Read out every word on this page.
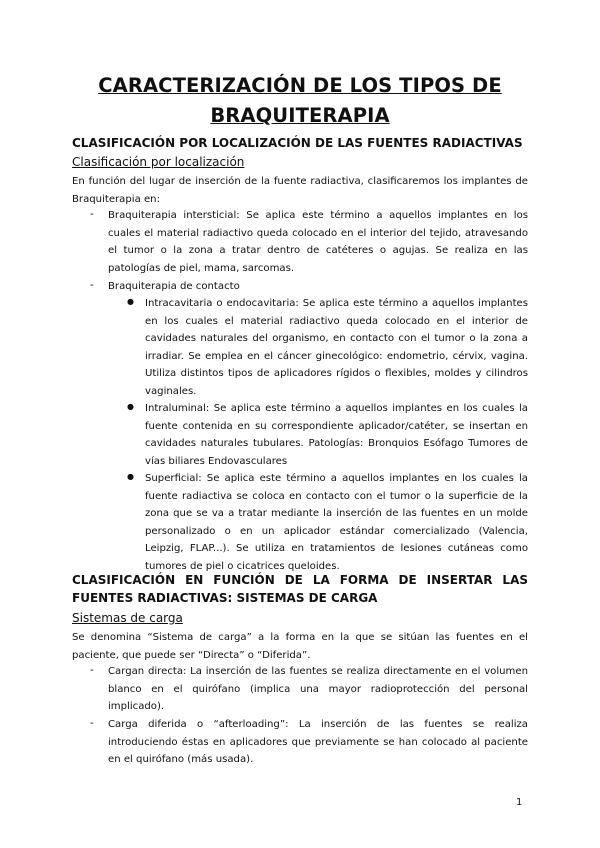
CARACTERIZACIÓN DE LOS TIPOS DE
BRAQUITERAPIA
CLASIFICACIÓN POR LOCALIZACIÓN DE LAS FUENTES RADIACTIVAS
Clasificación por localización
En función del lugar de inserción de la fuente radiactiva, clasificaremos los implantes de Braquiterapia en:
- Braquiterapia intersticial: Se aplica este término a aquellos implantes en los cuales el material radiactivo queda colocado en el interior del tejido, atravesando el tumor o la zona a tratar dentro de catéteres o agujas. Se realiza en las patologías de piel, mama, sarcomas.
- Braquiterapia de contacto
● Intracavitaria o endocavitaria: Se aplica este término a aquellos implantes en los cuales el material radiactivo queda colocado en el interior de cavidades naturales del organismo, en contacto con el tumor o la zona a irradiar. Se emplea en el cáncer ginecológico: endometrio, cérvix, vagina. Utiliza distintos tipos de aplicadores rígidos o flexibles, moldes y cilindros vaginales.
● Intraluminal: Se aplica este término a aquellos implantes en los cuales la fuente contenida en su correspondiente aplicador/catéter, se insertan en cavidades naturales tubulares. Patologías: Bronquios Esófago Tumores de vías biliares Endovasculares
● Superficial: Se aplica este término a aquellos implantes en los cuales la fuente radiactiva se coloca en contacto con el tumor o la superficie de la zona que se va a tratar mediante la inserción de las fuentes en un molde personalizado o en un aplicador estándar comercializado (Valencia, Leipzig, FLAP...). Se utiliza en tratamientos de lesiones cutáneas como tumores de piel o cicatrices queloides.
CLASIFICACIÓN EN FUNCIÓN DE LA FORMA DE INSERTAR LAS FUENTES RADIACTIVAS: SISTEMAS DE CARGA
Sistemas de carga
Se denomina “Sistema de carga” a la forma en la que se sitúan las fuentes en el paciente, que puede ser “Directa” o “Diferida”.
- Cargan directa: La inserción de las fuentes se realiza directamente en el volumen blanco en el quirófano (implica una mayor radioprotección del personal implicado).
- Carga diferida o “afterloading”: La inserción de las fuentes se realiza introduciendo éstas en aplicadores que previamente se han colocado al paciente en el quirófano (más usada).
1
